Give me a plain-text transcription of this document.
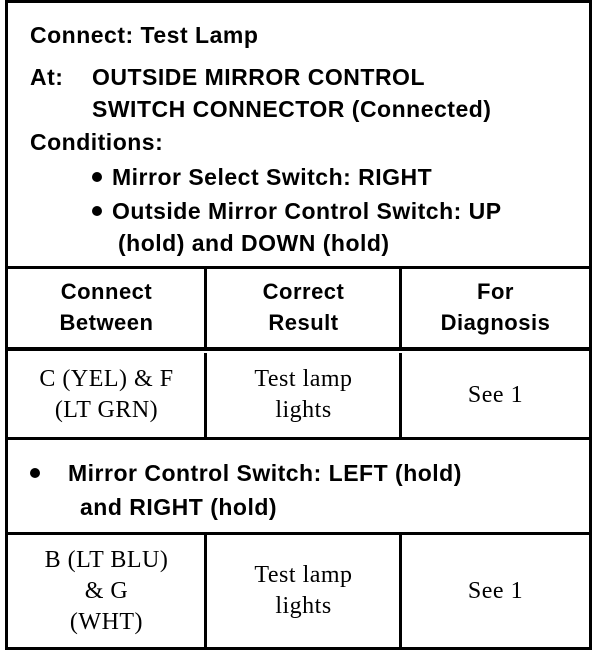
Connect: Test Lamp
At: OUTSIDE MIRROR CONTROL
SWITCH CONNECTOR (Connected)
Conditions:
Mirror Select Switch: RIGHT
Outside Mirror Control Switch: UP
(hold) and DOWN (hold)
Connect
Between
Correct
Result
For
Diagnosis
C (YEL) & F
(LT GRN)
Test lamp
lights
See 1
Mirror Control Switch: LEFT (hold)
and RIGHT (hold)
B (LT BLU)
& G
(WHT)
Test lamp
lights
See 1
